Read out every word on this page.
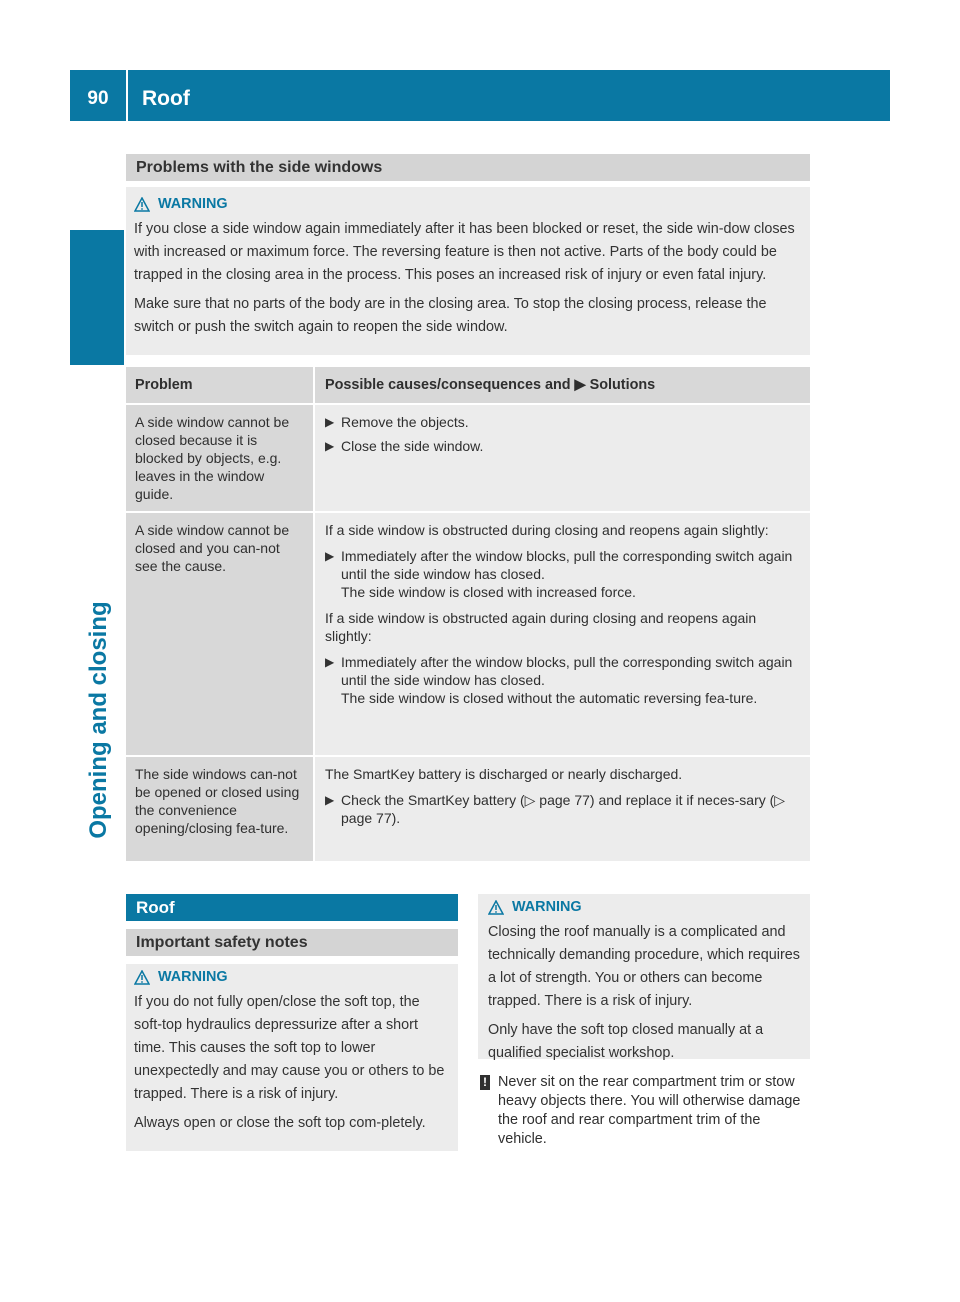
90	Roof
Opening and closing
Problems with the side windows
WARNING

If you close a side window again immediately after it has been blocked or reset, the side win-dow closes with increased or maximum force. The reversing feature is then not active. Parts of the body could be trapped in the closing area in the process. This poses an increased risk of injury or even fatal injury.

Make sure that no parts of the body are in the closing area. To stop the closing process, release the switch or push the switch again to reopen the side window.

Problem	Possible causes/consequences and ▶ Solutions
A side window cannot be closed because it is blocked by objects, e.g. leaves in the window guide.
▶ Remove the objects.
▶ Close the side window.
A side window cannot be closed and you can-not see the cause.

If a side window is obstructed during closing and reopens again slightly:

▶ Immediately after the window blocks, pull the corresponding switch again until the side window has closed.
The side window is closed with increased force.

If a side window is obstructed again during closing and reopens again slightly:

▶ Immediately after the window blocks, pull the corresponding switch again until the side window has closed.
The side window is closed without the automatic reversing fea-ture.
The side windows can-not be opened or closed using the convenience opening/closing fea-ture.

The SmartKey battery is discharged or nearly discharged.

▶ Check the SmartKey battery (▷ page 77) and replace it if neces-sary (▷ page 77).
Roof
Important safety notes
WARNING

If you do not fully open/close the soft top, the soft-top hydraulics depressurize after a short time. This causes the soft top to lower unexpectedly and may cause you or others to be trapped. There is a risk of injury.

Always open or close the soft top com-pletely.

WARNING

Closing the roof manually is a complicated and technically demanding procedure, which requires a lot of strength. You or others can become trapped. There is a risk of injury.

Only have the soft top closed manually at a qualified specialist workshop.

! Never sit on the rear compartment trim or stow heavy objects there. You will otherwise damage the roof and rear compartment trim of the vehicle.
